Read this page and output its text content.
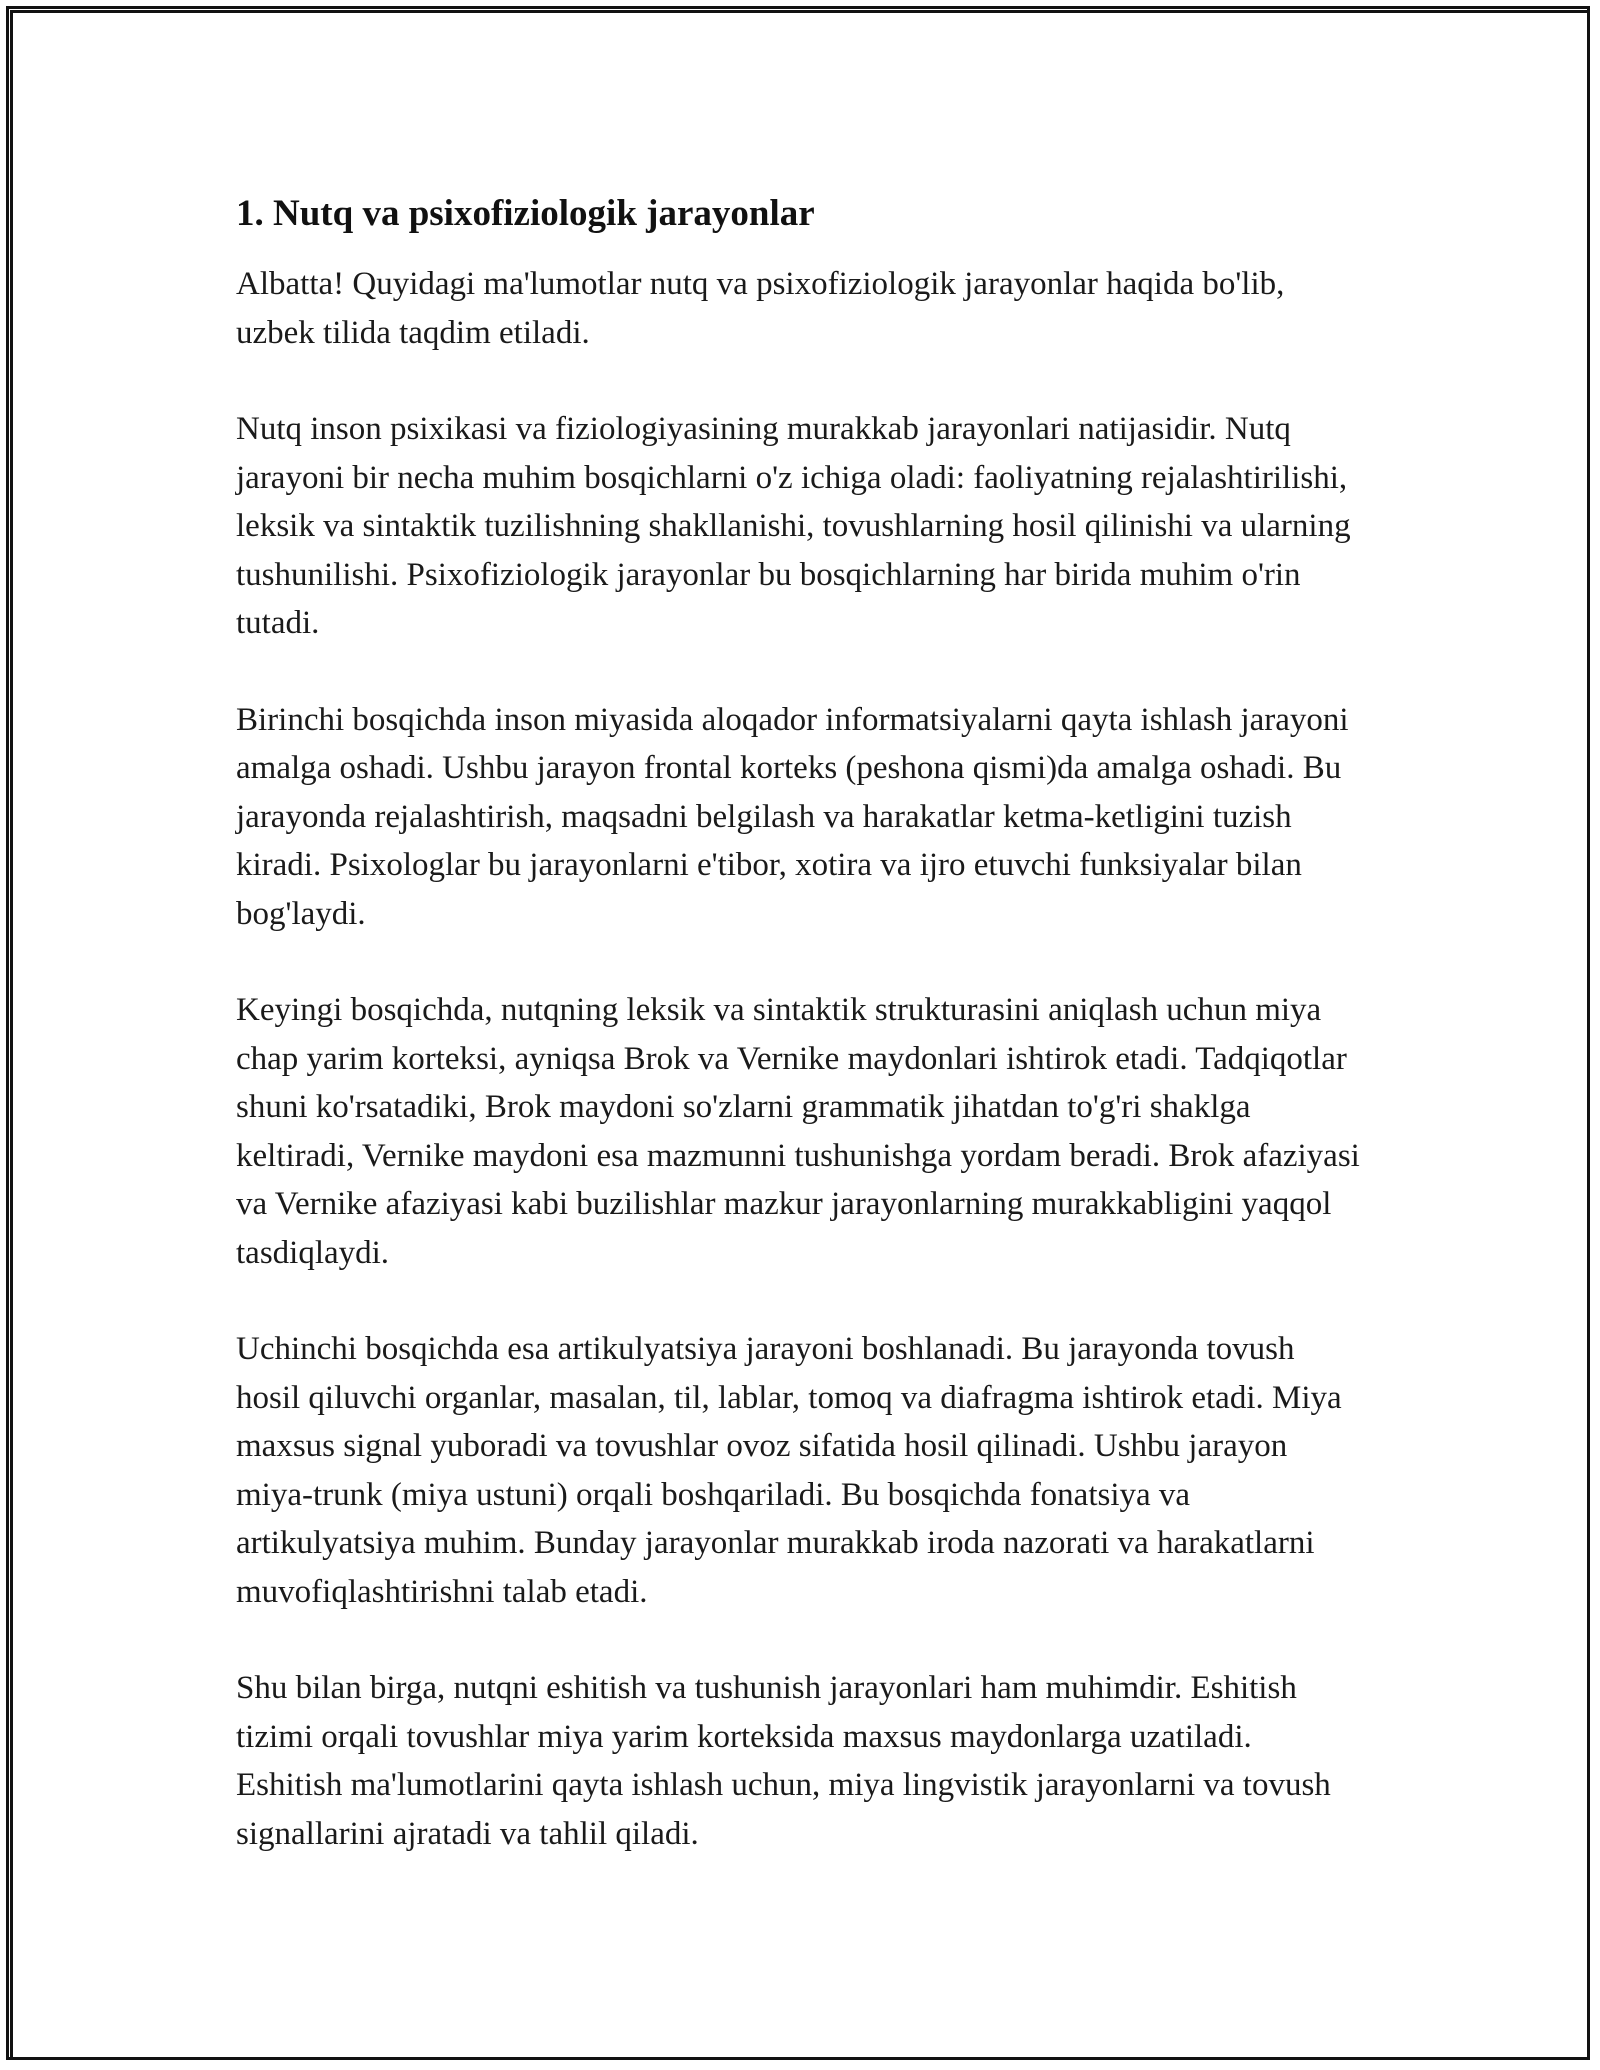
1. Nutq va psixofiziologik jarayonlar

Albatta! Quyidagi ma'lumotlar nutq va psixofiziologik jarayonlar haqida bo'lib, uzbek tilida taqdim etiladi.

Nutq inson psixikasi va fiziologiyasining murakkab jarayonlari natijasidir. Nutq jarayoni bir necha muhim bosqichlarni o'z ichiga oladi: faoliyatning rejalashtirilishi, leksik va sintaktik tuzilishning shakllanishi, tovushlarning hosil qilinishi va ularning tushunilishi. Psixofiziologik jarayonlar bu bosqichlarning har birida muhim o'rin tutadi.

Birinchi bosqichda inson miyasida aloqador informatsiyalarni qayta ishlash jarayoni amalga oshadi. Ushbu jarayon frontal korteks (peshona qismi)da amalga oshadi. Bu jarayonda rejalashtirish, maqsadni belgilash va harakatlar ketma-ketligini tuzish kiradi. Psixologlar bu jarayonlarni e'tibor, xotira va ijro etuvchi funksiyalar bilan bog'laydi.

Keyingi bosqichda, nutqning leksik va sintaktik strukturasini aniqlash uchun miya chap yarim korteksi, ayniqsa Brok va Vernike maydonlari ishtirok etadi. Tadqiqotlar shuni ko'rsatadiki, Brok maydoni so'zlarni grammatik jihatdan to'g'ri shaklga keltiradi, Vernike maydoni esa mazmunni tushunishga yordam beradi. Brok afaziyasi va Vernike afaziyasi kabi buzilishlar mazkur jarayonlarning murakkabligini yaqqol tasdiqlaydi.

Uchinchi bosqichda esa artikulyatsiya jarayoni boshlanadi. Bu jarayonda tovush hosil qiluvchi organlar, masalan, til, lablar, tomoq va diafragma ishtirok etadi. Miya maxsus signal yuboradi va tovushlar ovoz sifatida hosil qilinadi. Ushbu jarayon miya-trunk (miya ustuni) orqali boshqariladi. Bu bosqichda fonatsiya va artikulyatsiya muhim. Bunday jarayonlar murakkab iroda nazorati va harakatlarni muvofiqlashtirishni talab etadi.

Shu bilan birga, nutqni eshitish va tushunish jarayonlari ham muhimdir. Eshitish tizimi orqali tovushlar miya yarim korteksida maxsus maydonlarga uzatiladi. Eshitish ma'lumotlarini qayta ishlash uchun, miya lingvistik jarayonlarni va tovush signallarini ajratadi va tahlil qiladi.
